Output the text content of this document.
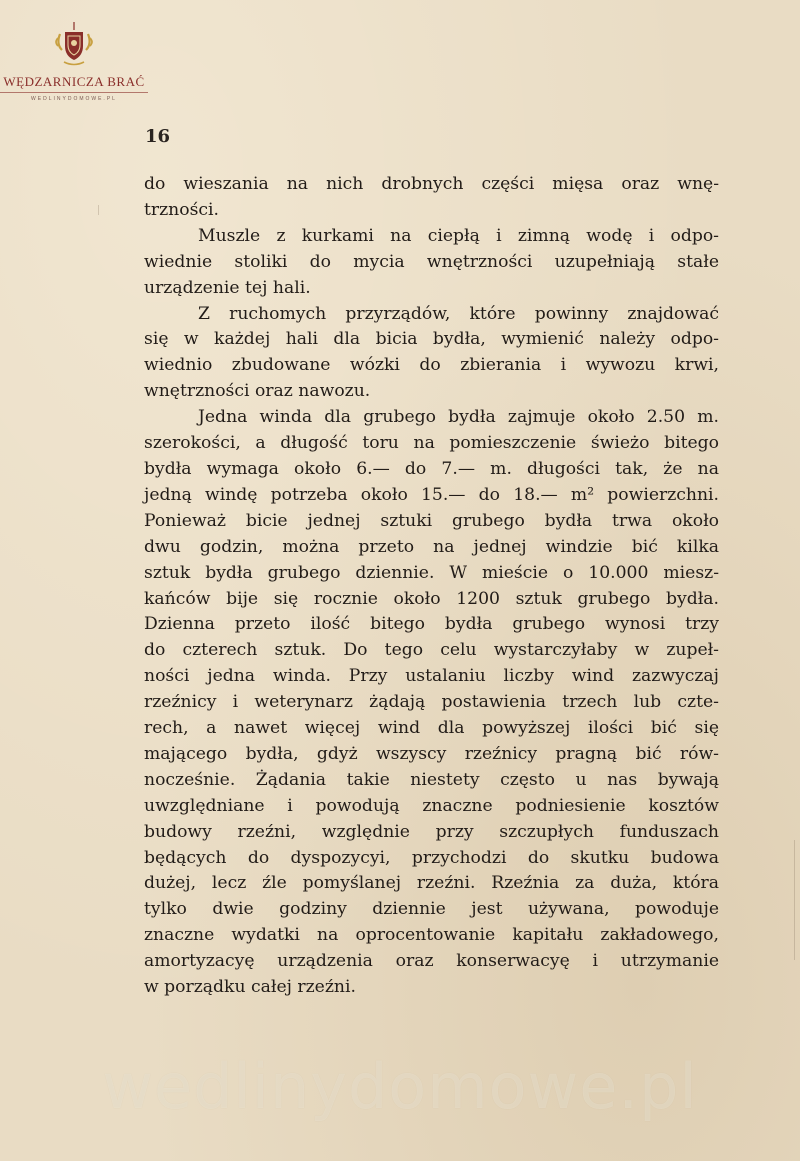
WĘDZARNICZA BRAĆ
WEDLINYDOMOWE.PL
16
do wieszania na nich drobnych części mięsa oraz wnę-
trzności.
Muszle z kurkami na ciepłą i zimną wodę i odpo-
wiednie stoliki do mycia wnętrzności uzupełniają stałe
urządzenie tej hali.
Z ruchomych przyrządów, które powinny znajdować
się w każdej hali dla bicia bydła, wymienić należy odpo-
wiednio zbudowane wózki do zbierania i wywozu krwi,
wnętrzności oraz nawozu.
Jedna winda dla grubego bydła zajmuje około 2.50 m.
szerokości, a długość toru na pomieszczenie świeżo bitego
bydła wymaga około 6.— do 7.— m. długości tak, że na
jedną windę potrzeba około 15.— do 18.— m² powierzchni.
Ponieważ bicie jednej sztuki grubego bydła trwa około
dwu godzin, można przeto na jednej windzie bić kilka
sztuk bydła grubego dziennie. W mieście o 10.000 miesz-
kańców bije się rocznie około 1200 sztuk grubego bydła.
Dzienna przeto ilość bitego bydła grubego wynosi trzy
do czterech sztuk. Do tego celu wystarczyłaby w zupeł-
ności jedna winda. Przy ustalaniu liczby wind zazwyczaj
rzeźnicy i weterynarz żądają postawienia trzech lub czte-
rech, a nawet więcej wind dla powyższej ilości bić się
mającego bydła, gdyż wszyscy rzeźnicy pragną bić rów-
nocześnie. Żądania takie niestety często u nas bywają
uwzględniane i powodują znaczne podniesienie kosztów
budowy rzeźni, względnie przy szczupłych funduszach
będących do dyspozycyi, przychodzi do skutku budowa
dużej, lecz źle pomyślanej rzeźni. Rzeźnia za duża, która
tylko dwie godziny dziennie jest używana, powoduje
znaczne wydatki na oprocentowanie kapitału zakładowego,
amortyzacyę urządzenia oraz konserwacyę i utrzymanie
w porządku całej rzeźni.
wedlinydomowe.pl
